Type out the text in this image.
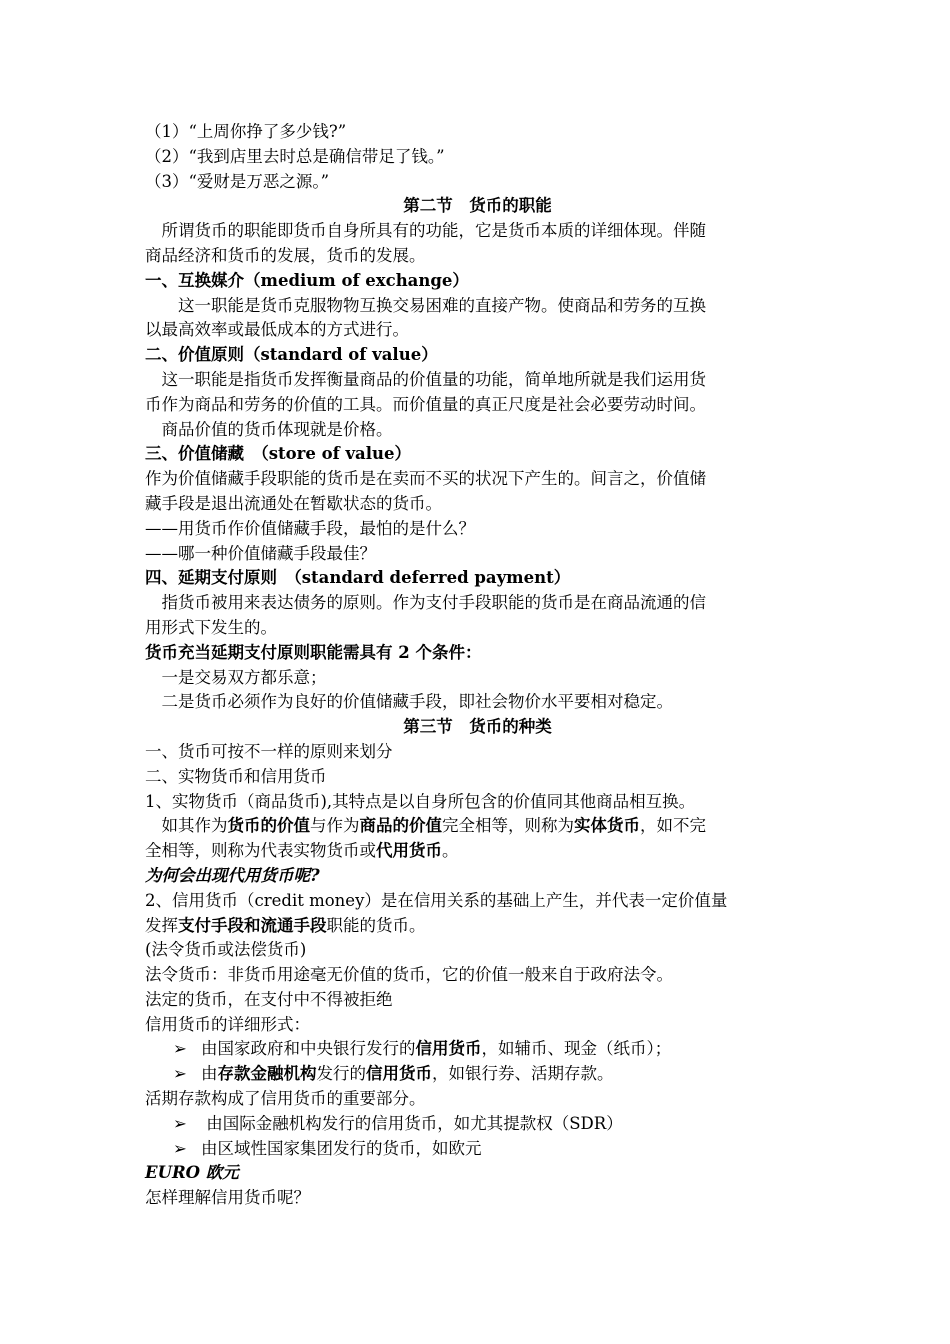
（1）“上周你挣了多少钱?”
（2）“我到店里去时总是确信带足了钱。”
（3）“爱财是万恶之源。”
第二节　货币的职能
　所谓货币的职能即货币自身所具有的功能，它是货币本质的详细体现。伴随
商品经济和货币的发展，货币的发展。
一、互换媒介（medium of exchange）
　　这一职能是货币克服物物互换交易困难的直接产物。使商品和劳务的互换
以最高效率或最低成本的方式进行。
二、价值原则（standard of value）
　这一职能是指货币发挥衡量商品的价值量的功能，简单地所就是我们运用货
币作为商品和劳务的价值的工具。而价值量的真正尺度是社会必要劳动时间。
　商品价值的货币体现就是价格。
三、价值储藏　（store of value）
作为价值储藏手段职能的货币是在卖而不买的状况下产生的。间言之，价值储
藏手段是退出流通处在暂歇状态的货币。
——用货币作价值储藏手段，最怕的是什么？
——哪一种价值储藏手段最佳？
四、延期支付原则　（standard deferred payment）
　指货币被用来表达债务的原则。作为支付手段职能的货币是在商品流通的信
用形式下发生的。
货币充当延期支付原则职能需具有 2 个条件：
　一是交易双方都乐意；
　二是货币必须作为良好的价值储藏手段，即社会物价水平要相对稳定。
第三节　货币的种类
一、货币可按不一样的原则来划分
二、实物货币和信用货币
1、实物货币（商品货币),其特点是以自身所包含的价值同其他商品相互换。
　如其作为货币的价值与作为商品的价值完全相等，则称为实体货币，如不完
全相等，则称为代表实物货币或代用货币。
为何会出现代用货币呢?
2、信用货币（credit money）是在信用关系的基础上产生，并代表一定价值量
发挥支付手段和流通手段职能的货币。
(法令货币或法偿货币)
法令货币：非货币用途毫无价值的货币，它的价值一般来自于政府法令。
法定的货币，在支付中不得被拒绝
信用货币的详细形式：
➢ 由国家政府和中央银行发行的信用货币，如辅币、现金（纸币）；
➢ 由存款金融机构发行的信用货币，如银行券、活期存款。
活期存款构成了信用货币的重要部分。
➢ 由国际金融机构发行的信用货币，如尤其提款权（SDR）
➢ 由区域性国家集团发行的货币，如欧元
EURO 欧元
怎样理解信用货币呢？
